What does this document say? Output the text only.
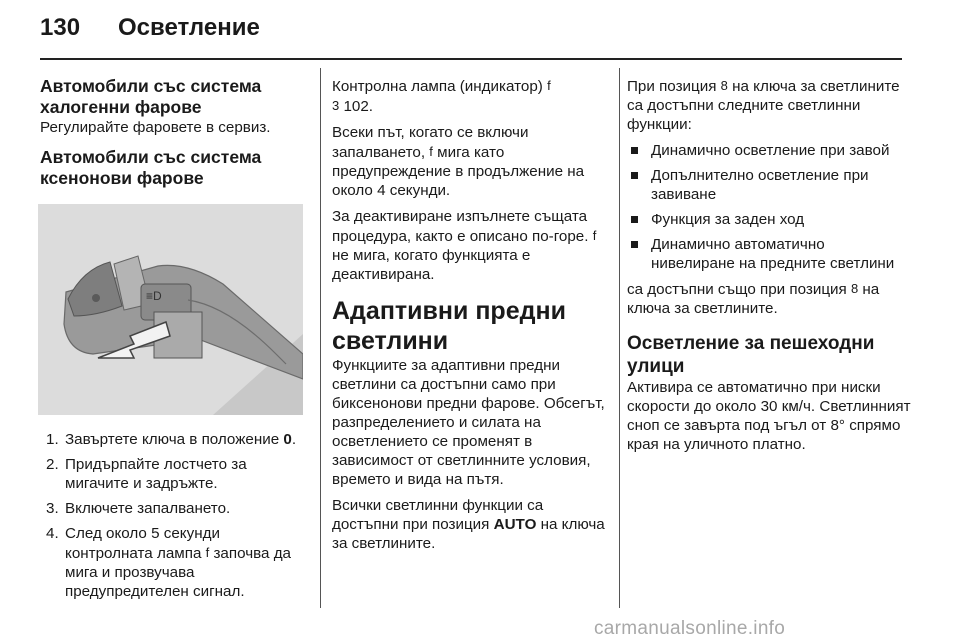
130 Осветление
Автомобили със система халогенни фарове

Регулирайте фаровете в сервиз.

Автомобили със система ксенонови фарове
≡D
1. Завъртете ключа в положение 0.
2. Придърпайте лостчето за мигачите и задръжте.
3. Включете запалването.
4. След около 5 секунди контролната лампа f започва да мига и прозвучава предупредителен сигнал.

Контролна лампа (индикатор) f
3 102.

Всеки път, когато се включи запалването, f мига като предупреждение в продължение на около 4 секунди.

За деактивиране изпълнете същата процедура, както е описано по-горе. f не мига, когато функцията е деактивирана.

Адаптивни предни светлини

Функциите за адаптивни предни светлини са достъпни само при биксенонови предни фарове. Обсегът, разпределението и силата на осветлението се променят в зависимост от светлинните условия, времето и вида на пътя.

Всички светлинни функции са достъпни при позиция AUTO на ключа за светлините.

При позиция 8 на ключа за светлините са достъпни следните светлинни функции:

Динамично осветление при завой
Допълнително осветление при завиване
Функция за заден ход
Динамично автоматично нивелиране на предните светлини

са достъпни също при позиция 8 на ключа за светлините.

Осветление за пешеходни улици

Активира се автоматично при ниски скорости до около 30 км/ч. Светлинният сноп се завърта под ъгъл от 8° спрямо края на уличното платно.

carmanualsonline.info
